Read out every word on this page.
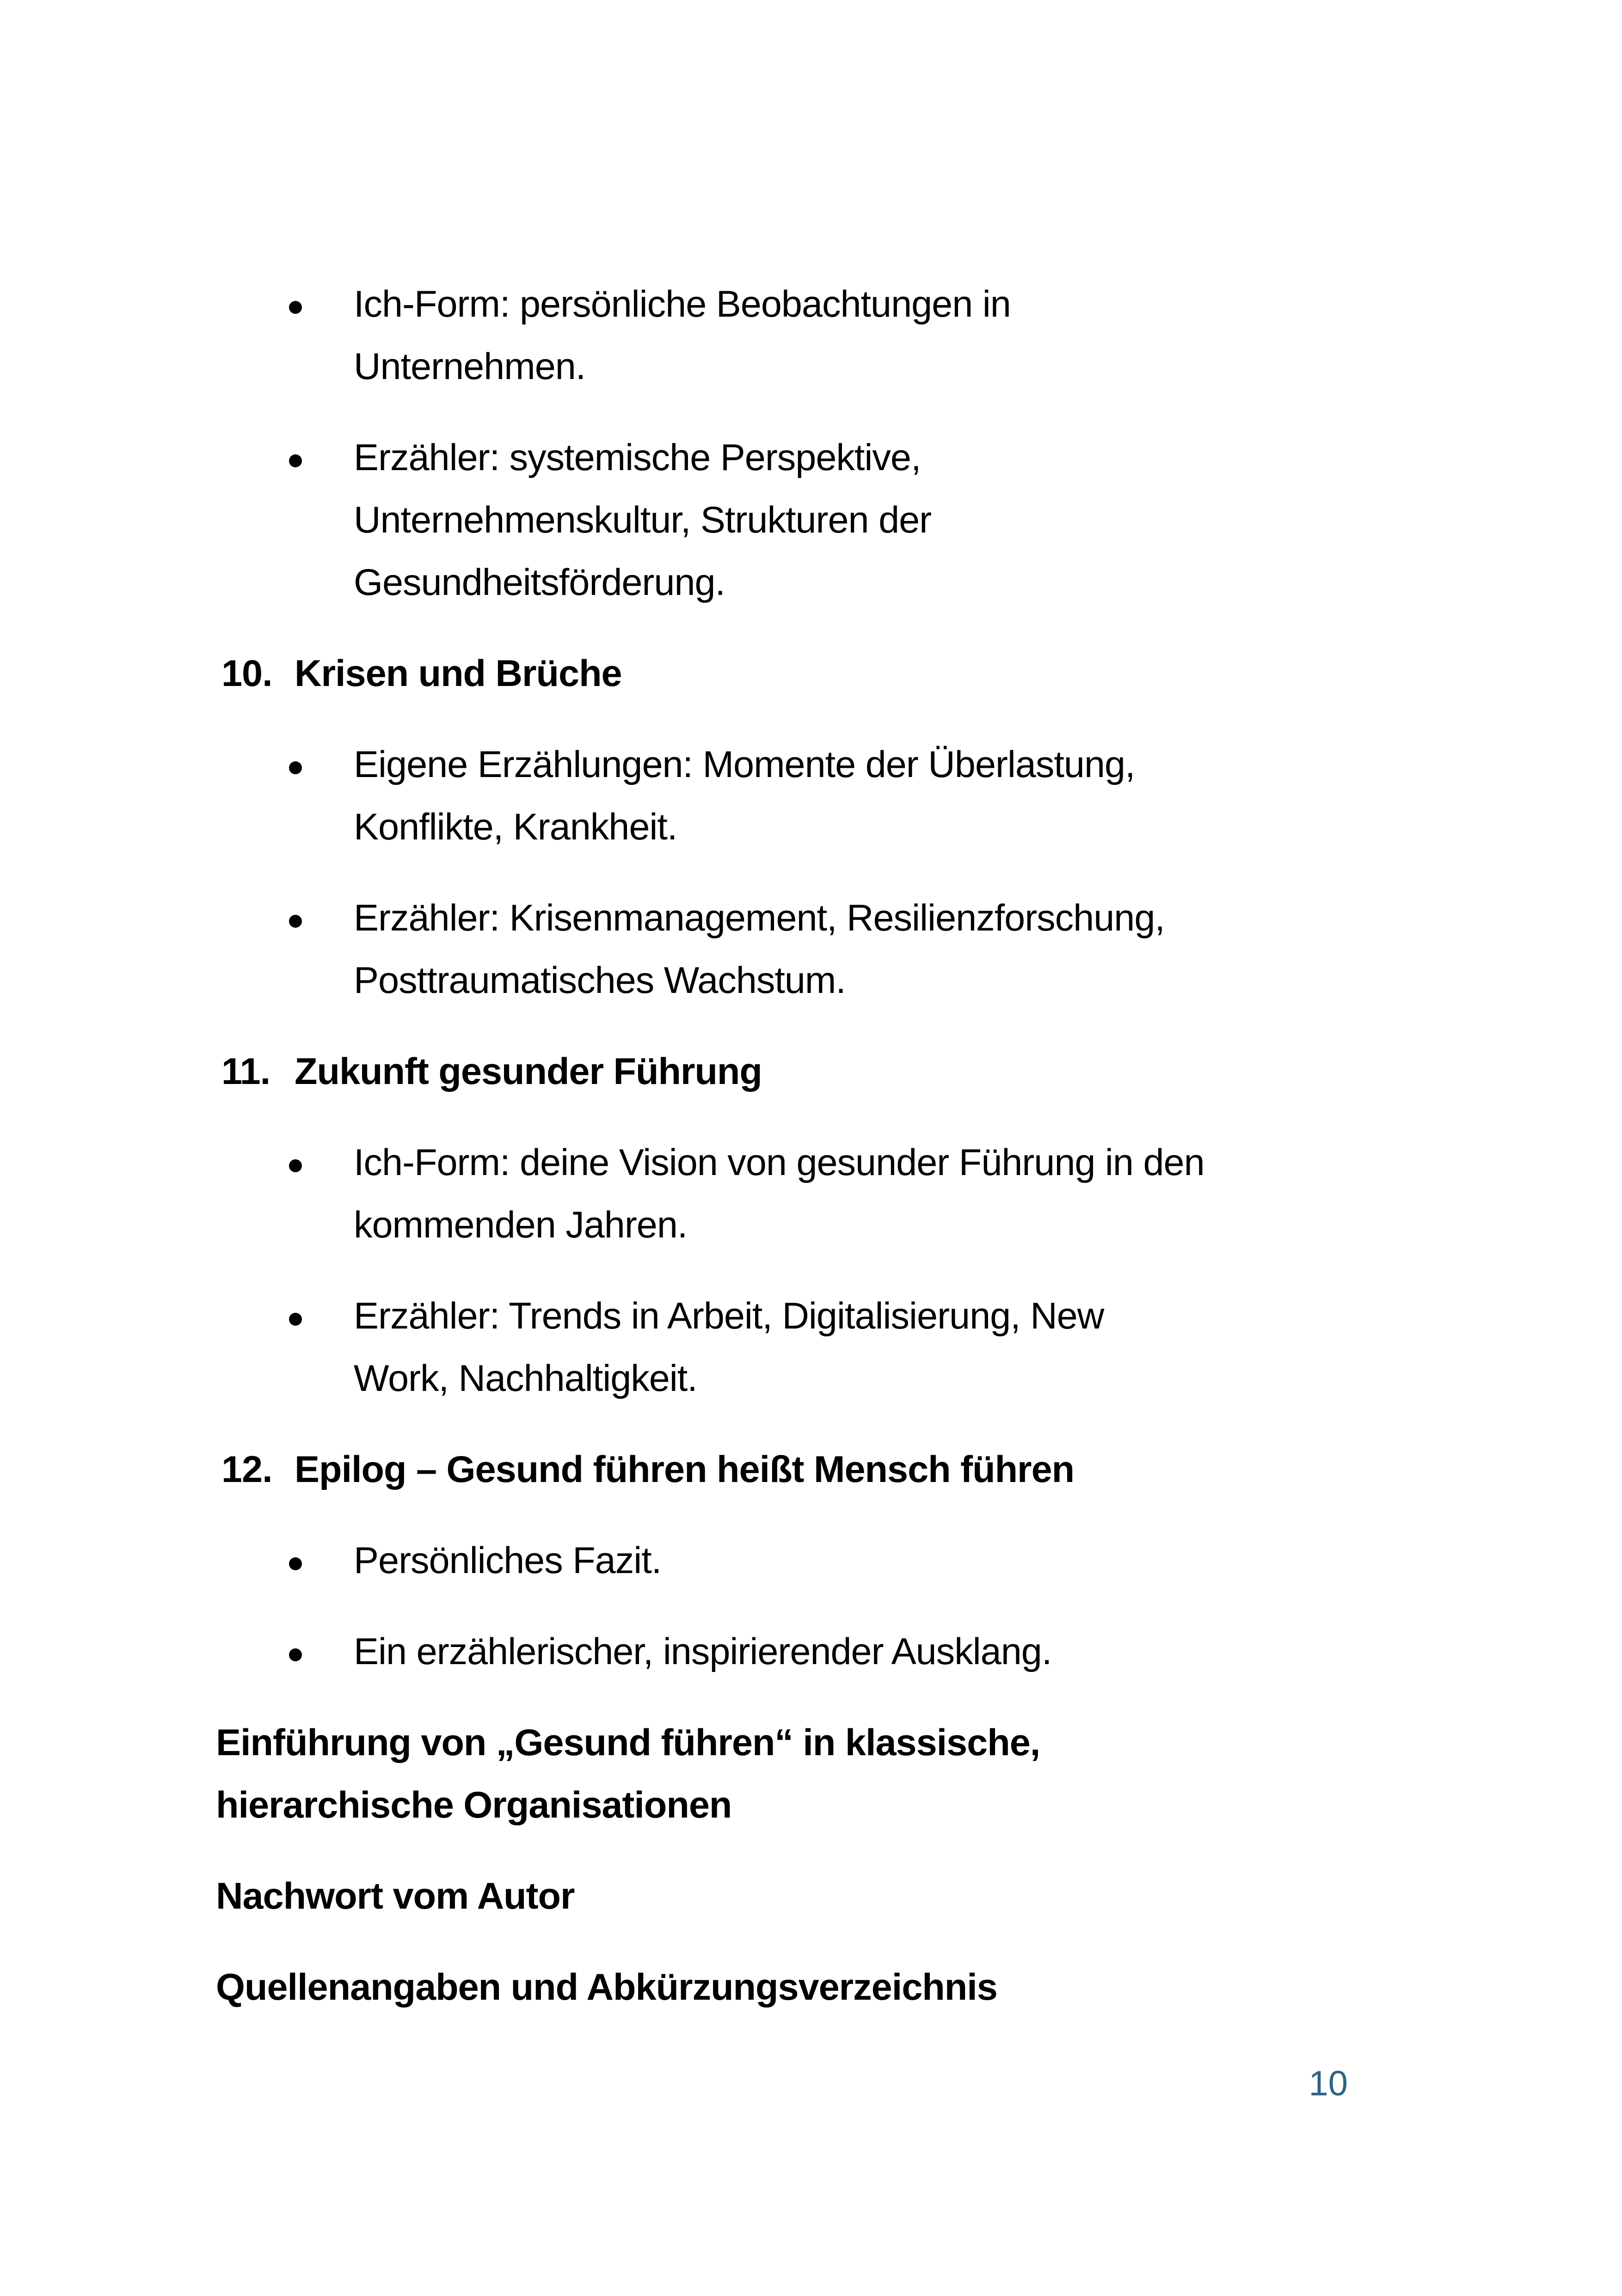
Ich-Form: persönliche Beobachtungen in
Unternehmen.
Erzähler: systemische Perspektive,
Unternehmenskultur, Strukturen der
Gesundheitsförderung.
10. Krisen und Brüche
Eigene Erzählungen: Momente der Überlastung,
Konflikte, Krankheit.
Erzähler: Krisenmanagement, Resilienzforschung,
Posttraumatisches Wachstum.
11. Zukunft gesunder Führung
Ich-Form: deine Vision von gesunder Führung in den
kommenden Jahren.
Erzähler: Trends in Arbeit, Digitalisierung, New
Work, Nachhaltigkeit.
12. Epilog – Gesund führen heißt Mensch führen
Persönliches Fazit.
Ein erzählerischer, inspirierender Ausklang.
Einführung von „Gesund führen“ in klassische,
hierarchische Organisationen
Nachwort vom Autor
Quellenangaben und Abkürzungsverzeichnis
10
